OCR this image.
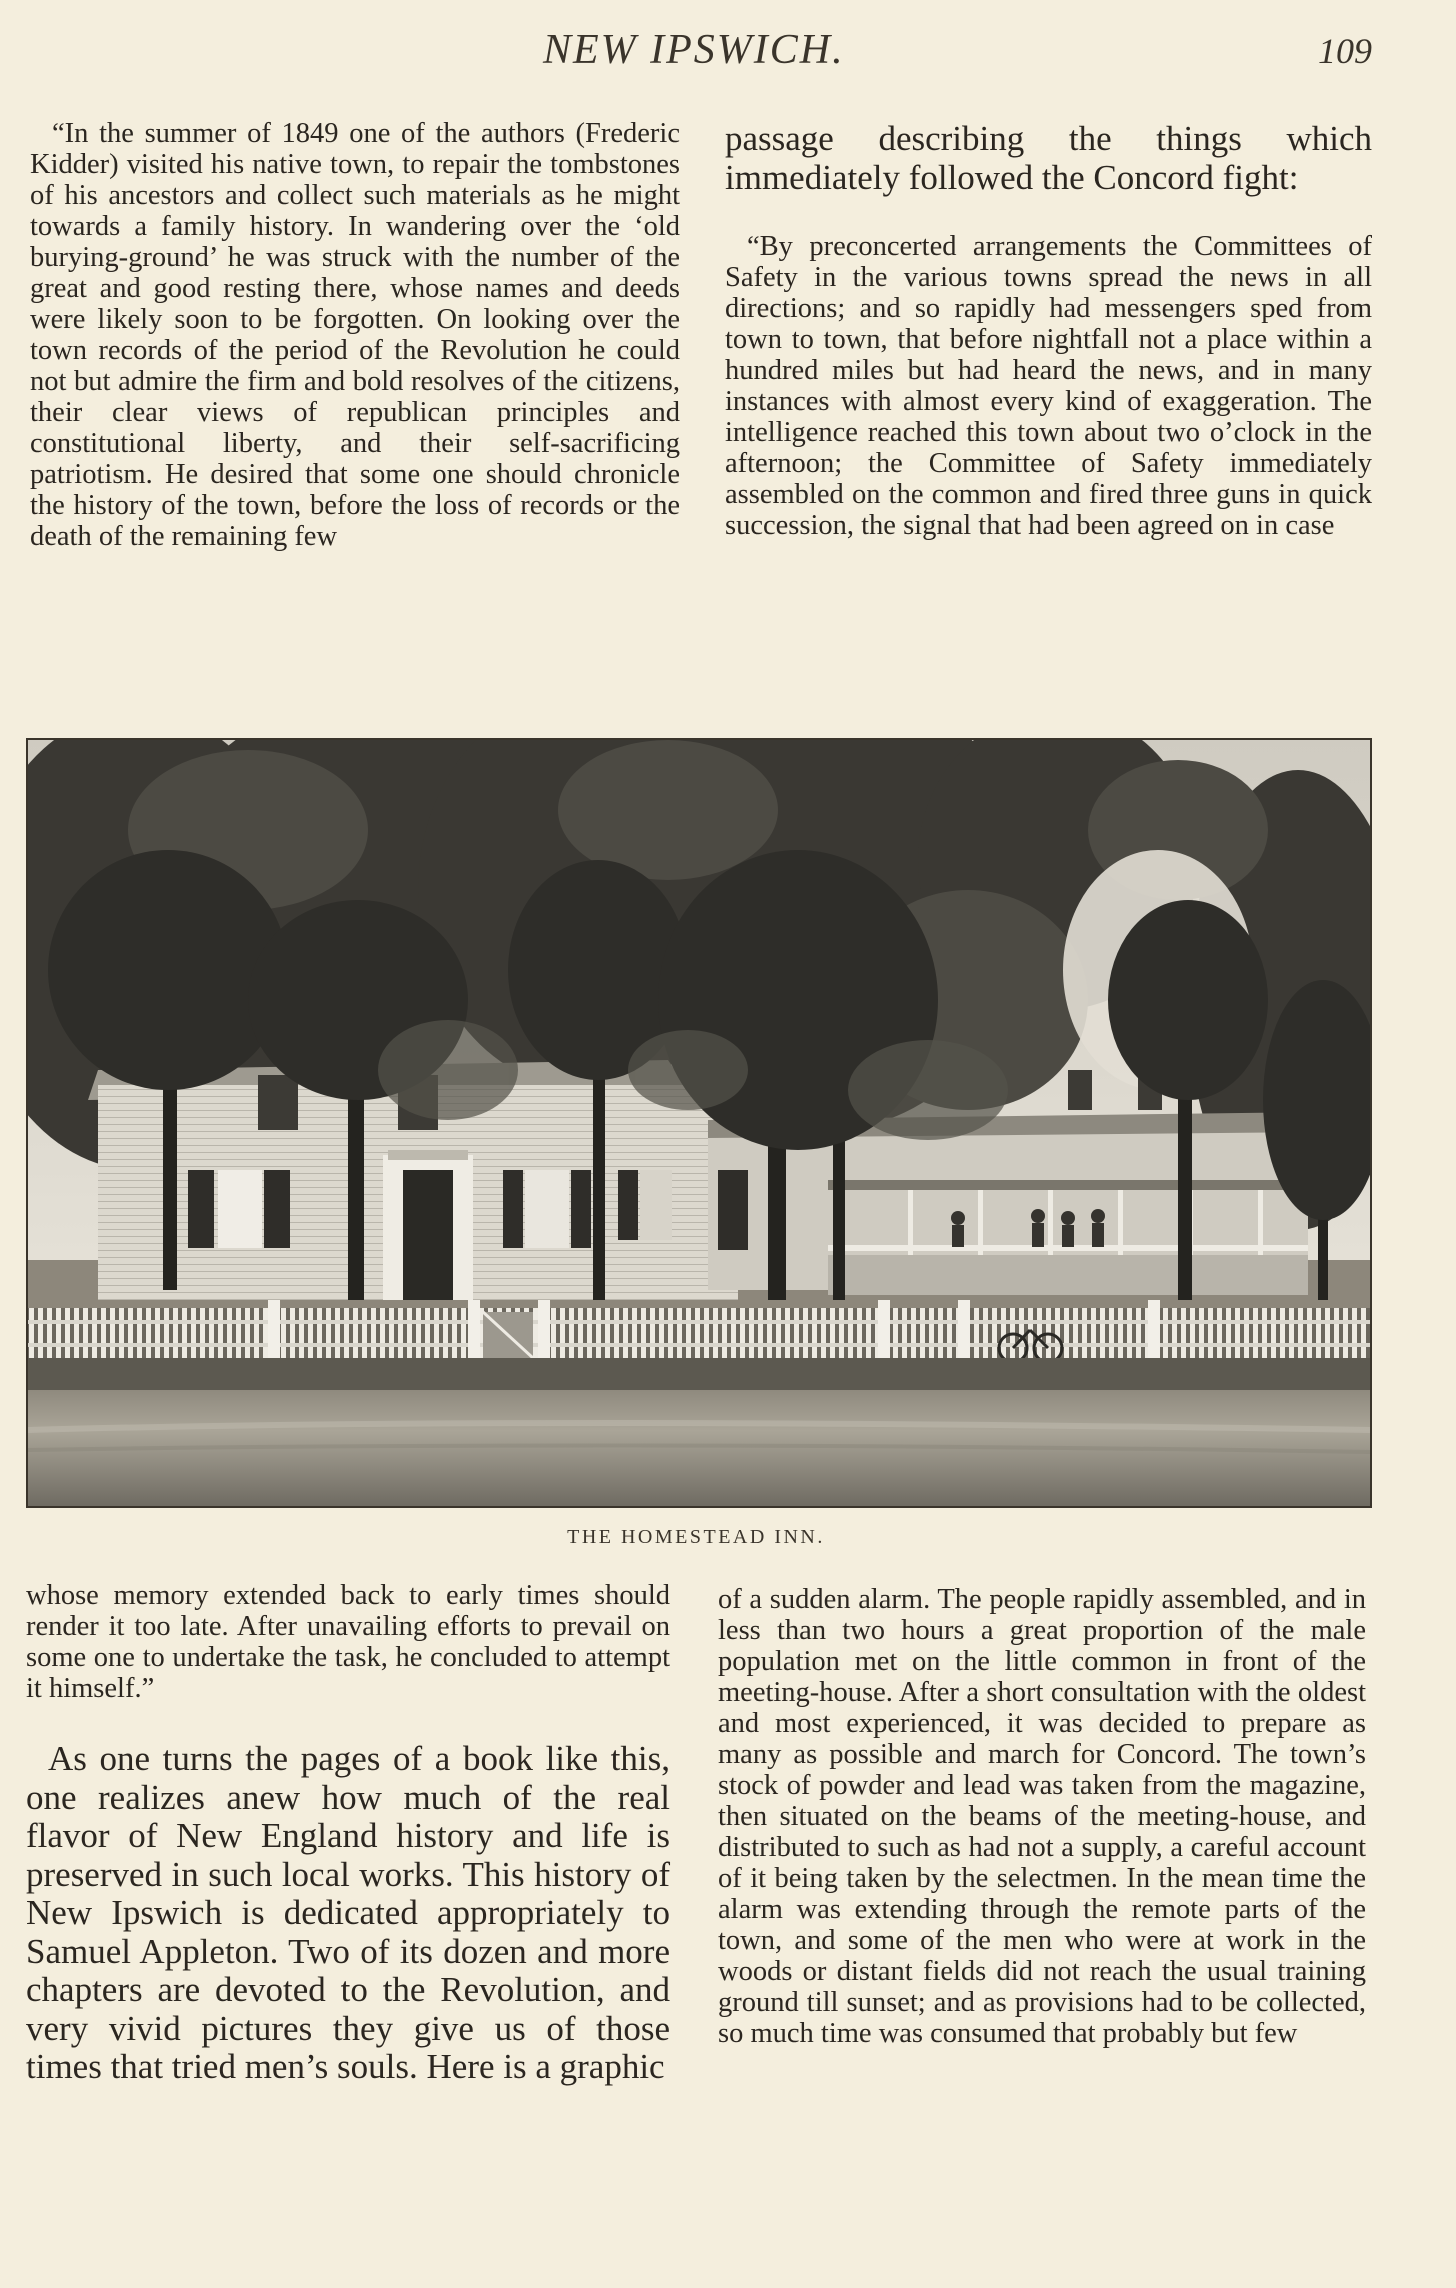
NEW IPSWICH.	109

“In the summer of 1849 one of the authors (Frederic Kidder) visited his native town, to repair the tombstones of his ancestors and collect such materials as he might towards a family history. In wandering over the ‘old burying-ground’ he was struck with the number of the great and good resting there, whose names and deeds were likely soon to be forgotten. On looking over the town records of the period of the Revolution he could not but admire the firm and bold resolves of the citizens, their clear views of republican principles and constitutional liberty, and their self-sacrificing patriotism. He desired that some one should chronicle the history of the town, before the loss of records or the death of the remaining few

passage describing the things which immediately followed the Concord fight:

“By preconcerted arrangements the Committees of Safety in the various towns spread the news in all directions; and so rapidly had messengers sped from town to town, that before nightfall not a place within a hundred miles but had heard the news, and in many instances with almost every kind of exaggeration. The intelligence reached this town about two o’clock in the afternoon; the Committee of Safety immediately assembled on the common and fired three guns in quick succession, the signal that had been agreed on in case

THE HOMESTEAD INN.

whose memory extended back to early times should render it too late. After unavailing efforts to prevail on some one to undertake the task, he concluded to attempt it himself.”

As one turns the pages of a book like this, one realizes anew how much of the real flavor of New England history and life is preserved in such local works. This history of New Ipswich is dedicated appropriately to Samuel Appleton. Two of its dozen and more chapters are devoted to the Revolution, and very vivid pictures they give us of those times that tried men’s souls. Here is a graphic

of a sudden alarm. The people rapidly assembled, and in less than two hours a great proportion of the male population met on the little common in front of the meeting-house. After a short consultation with the oldest and most experienced, it was decided to prepare as many as possible and march for Concord. The town’s stock of powder and lead was taken from the magazine, then situated on the beams of the meeting-house, and distributed to such as had not a supply, a careful account of it being taken by the selectmen. In the mean time the alarm was extending through the remote parts of the town, and some of the men who were at work in the woods or distant fields did not reach the usual training ground till sunset; and as provisions had to be collected, so much time was consumed that probably but few
